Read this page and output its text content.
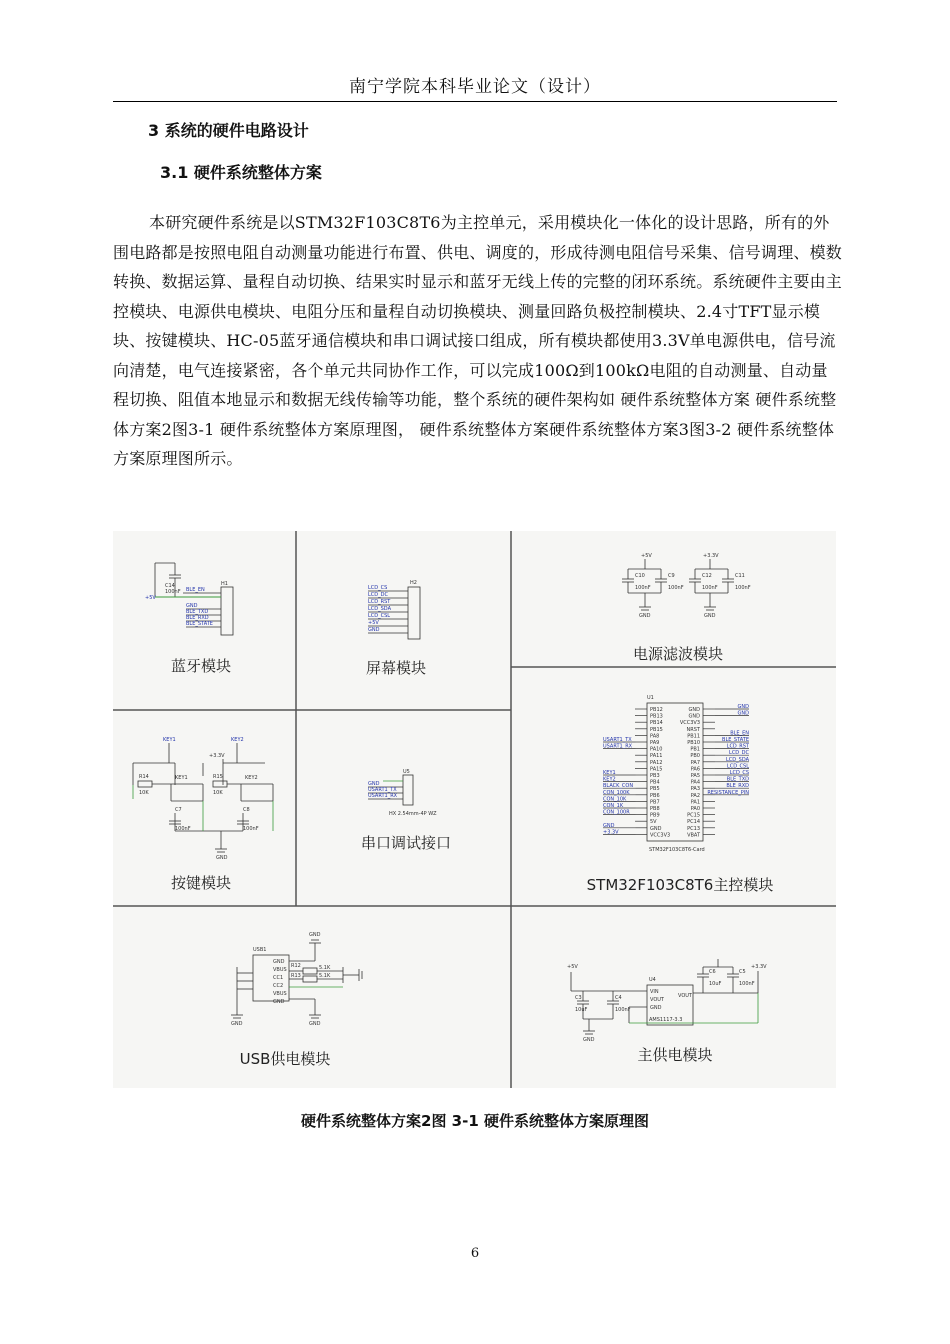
南宁学院本科毕业论文（设计）
3 系统的硬件电路设计
3.1 硬件系统整体方案
本研究硬件系统是以STM32F103C8T6为主控单元，采用模块化一体化的设计思路，所有的外围电路都是按照电阻自动测量功能进行布置、供电、调度的，形成待测电阻信号采集、信号调理、模数转换、数据运算、量程自动切换、结果实时显示和蓝牙无线上传的完整的闭环系统。系统硬件主要由主控模块、电源供电模块、电阻分压和量程自动切换模块、测量回路负极控制模块、2.4寸TFT显示模块、按键模块、HC-05蓝牙通信模块和串口调试接口组成，所有模块都使用3.3V单电源供电，信号流向清楚，电气连接紧密，各个单元共同协作工作，可以完成100Ω到100kΩ电阻的自动测量、自动量程切换、阻值本地显示和数据无线传输等功能，整个系统的硬件架构如 硬件系统整体方案 硬件系统整体方案2图3-1 硬件系统整体方案原理图， 硬件系统整体方案硬件系统整体方案3图3-2 硬件系统整体方案原理图所示。
C14
100nF
H1
+5V
BLE_EN
GND
BLE_TXD
BLE_RXD
BLE_STATE
蓝牙模块
H2
LCD_CS
LCD_DC
LCD_RST
LCD_SDA
LCD_CSL
+5V
GND
屏幕模块
+5V	+3.3V
C10
100nF
C9
100nF
C12
100nF
C11
100nF
GND	GND
电源滤波模块
KEY1	KEY2
+3.3V
R14
10K
R15
10K
KEY1	KEY2
C7
100nF
C8
100nF
GND
按键模块
U5
GND
USART1_TX
USART1_RX
HX 2.54mm-4P WZ
串口调试接口
U1
STM32F103C8T6-Card
PB12
PB13
PB14
PB15
PA8
PA9
PA10
PA11
PA12
PA15
PB3
PB4
PB5
PB6
PB7
PB8
PB9
5V
GND
VCC3V3
GND
GND
VCC3V3
NRST
PB11
PB10
PB1
PB0
PA7
PA6
PA5
PA4
PA3
PA2
PA1
PA0
PC15
PC14
PC13
VBAT
USART1_TX
USART1_RX
KEY1
KEY2
BLACK_CON
CON_100K
CON_10K
CON_1K
CON_100R
GND
+3.3V
GND
GND
BLE_EN
BLE_STATE
LCD_RST
LCD_DC
LCD_SDA
LCD_CSL
LCD_CS
BLE_TXD
BLE_RXD
RESISTANCE_PIN
STM32F103C8T6主控模块
USB1
GND
VBUS
CC1
CC2
VBUS
GND
R12
R13
5.1K
5.1K
GND
GND
GND
USB供电模块
+5V	+3.3V
U4
VIN
VOUT
GND
VOUT
AMS1117-3.3
C3
10uF
C4
100nF
C6
10uF
C5
100nF
GND
主供电模块
硬件系统整体方案2图 3-1 硬件系统整体方案原理图
6
